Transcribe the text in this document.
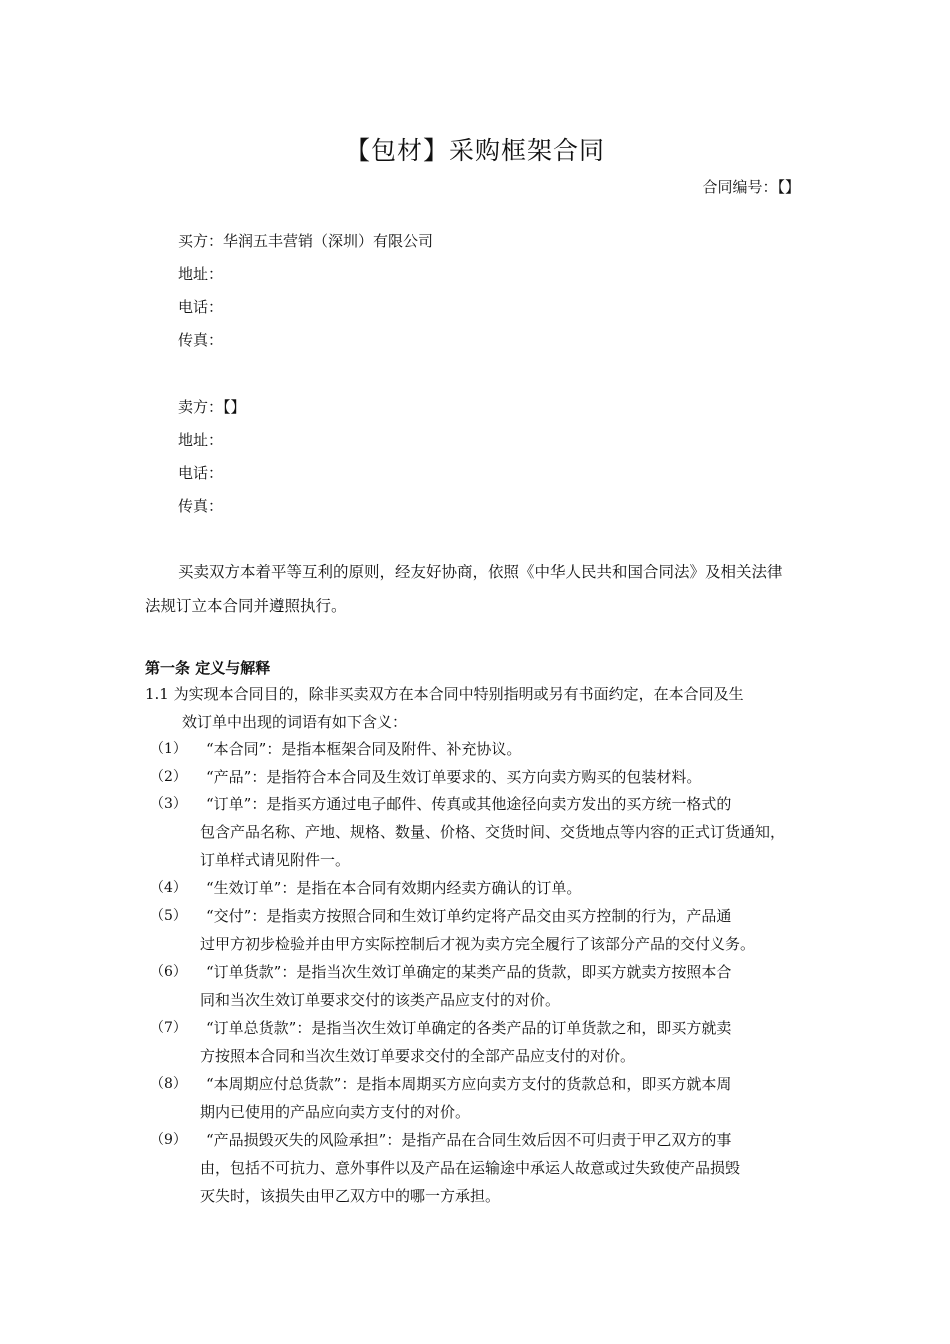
【包材】采购框架合同
合同编号：【】
买方：华润五丰营销（深圳）有限公司
地址：
电话：
传真：
卖方：【】
地址：
电话：
传真：
买卖双方本着平等互利的原则，经友好协商，依照《中华人民共和国合同法》及相关法律
法规订立本合同并遵照执行。
第一条 定义与解释
1.1 为实现本合同目的，除非买卖双方在本合同中特别指明或另有书面约定，在本合同及生
效订单中出现的词语有如下含义：
（1） “本合同”：是指本框架合同及附件、补充协议。
（2） “产品”：是指符合本合同及生效订单要求的、买方向卖方购买的包装材料。
（3） “订单”：是指买方通过电子邮件、传真或其他途径向卖方发出的买方统一格式的
包含产品名称、产地、规格、数量、价格、交货时间、交货地点等内容的正式订货通知，
订单样式请见附件一。
（4） “生效订单”：是指在本合同有效期内经卖方确认的订单。
（5） “交付”：是指卖方按照合同和生效订单约定将产品交由买方控制的行为，产品通
过甲方初步检验并由甲方实际控制后才视为卖方完全履行了该部分产品的交付义务。
（6） “订单货款”：是指当次生效订单确定的某类产品的货款，即买方就卖方按照本合
同和当次生效订单要求交付的该类产品应支付的对价。
（7） “订单总货款”：是指当次生效订单确定的各类产品的订单货款之和，即买方就卖
方按照本合同和当次生效订单要求交付的全部产品应支付的对价。
（8） “本周期应付总货款”：是指本周期买方应向卖方支付的货款总和，即买方就本周
期内已使用的产品应向卖方支付的对价。
（9） “产品损毁灭失的风险承担”：是指产品在合同生效后因不可归责于甲乙双方的事
由，包括不可抗力、意外事件以及产品在运输途中承运人故意或过失致使产品损毁
灭失时，该损失由甲乙双方中的哪一方承担。
